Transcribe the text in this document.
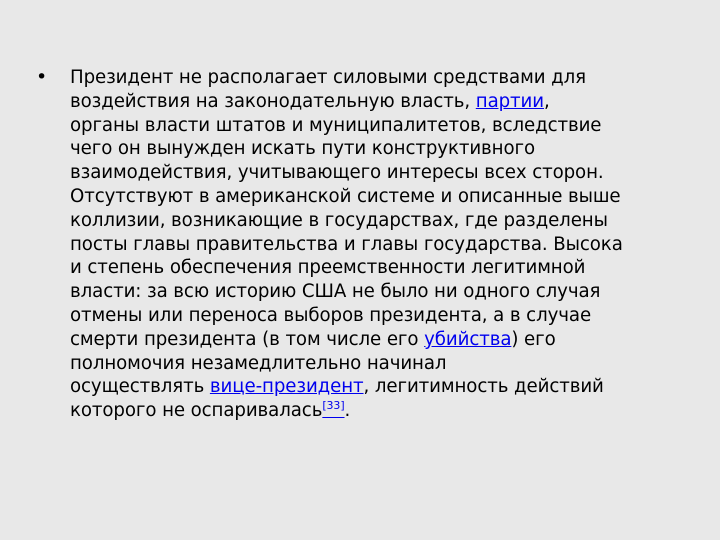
• Президент не располагает силовыми средствами для
воздействия на законодательную власть, партии,
органы власти штатов и муниципалитетов, вследствие
чего он вынужден искать пути конструктивного
взаимодействия, учитывающего интересы всех сторон.
Отсутствуют в американской системе и описанные выше
коллизии, возникающие в государствах, где разделены
посты главы правительства и главы государства. Высока
и степень обеспечения преемственности легитимной
власти: за всю историю США не было ни одного случая
отмены или переноса выборов президента, а в случае
смерти президента (в том числе его убийства) его
полномочия незамедлительно начинал
осуществлять вице-президент, легитимность действий
которого не оспаривалась[33].
